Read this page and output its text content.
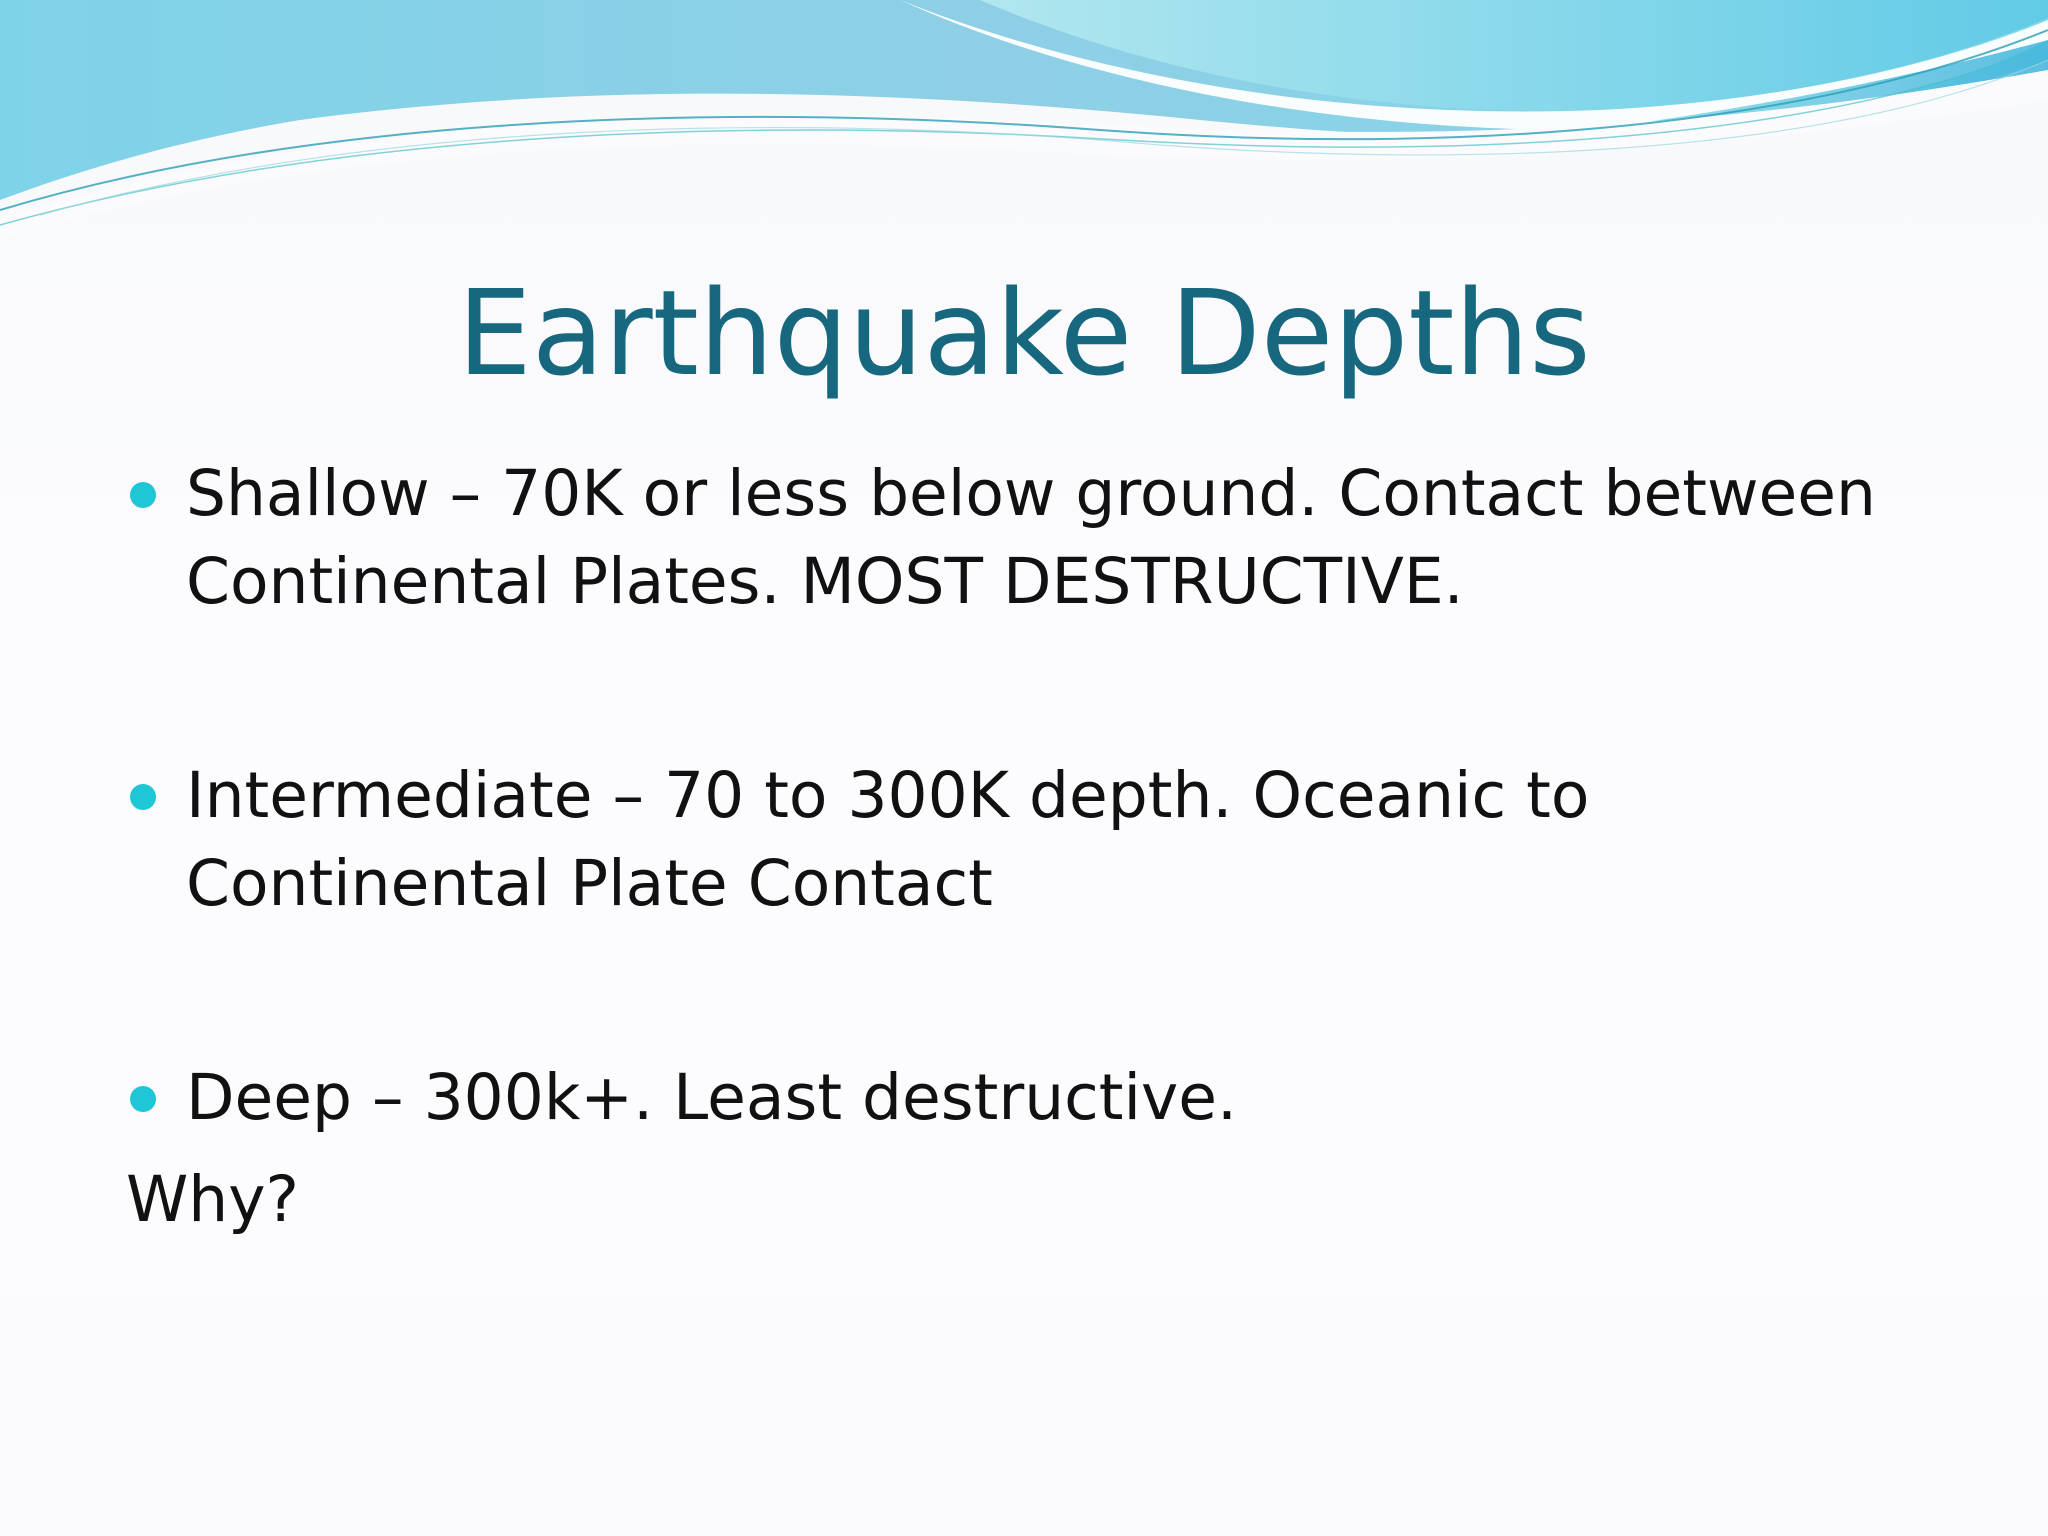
Earthquake Depths
Shallow – 70K or less below ground. Contact between Continental Plates. MOST DESTRUCTIVE.
Intermediate – 70 to 300K depth. Oceanic to Continental Plate Contact
Deep – 300k+. Least destructive.

Why?
